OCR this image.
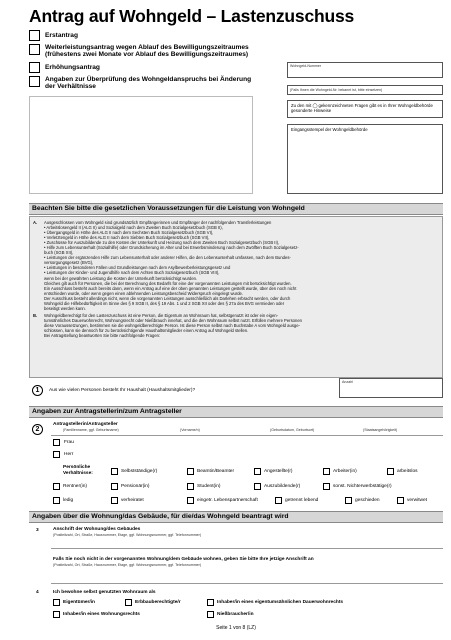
Antrag auf Wohngeld – Lastenzuschuss
Erstantrag
Weiterleistungsantrag wegen Ablauf des Bewilligungszeitraumes (frühestens zwei Monate vor Ablauf des Bewilligungszeitraumes)
Erhöhungsantrag
Angaben zur Überprüfung des Wohngeldanspruchs bei Änderung der Verhältnisse
Wohngeld-Nummer
(Falls Ihnen die Wohngeld-Nr. bekannt ist, bitte einsetzen)
Zu den mit ◯ gekennzeichneten Fragen gibt es in Ihrer Wohngeldbehörde gesonderte Hinweise
Eingangsstempel der Wohngeldbehörde
Beachten Sie bitte die gesetzlichen Voraussetzungen für die Leistung von Wohngeld
A. Ausgeschlossen vom Wohngeld sind grundsätzlich Empfängerinnen und Empfänger der nachfolgenden Transferleistungen
• Arbeitslosengeld II (ALG II) und Sozialgeld nach dem Zweiten Buch Sozialgesetzbuch (SGB II),
• Übergangsgeld in Höhe des ALG II nach dem Sechsten Buch Sozialgesetzbuch (SGB VI),
• Verletztengeld in Höhe des ALG II nach dem Siebten Buch Sozialgesetzbuch (SGB VII),
• Zuschüsse für Auszubildende zu den Kosten der Unterkunft und Heizung nach dem Zweiten Buch Sozialgesetzbuch (SGB II),
• Hilfe zum Lebensunterhalt (Sozialhilfe) oder Grundsicherung im Alter und bei Erwerbsminderung nach dem Zwölften Buch Sozialgesetz-
buch (SGB XII),
• Leistungen der ergänzenden Hilfe zum Lebensunterhalt oder anderer Hilfen, die den Lebensunterhalt umfassen, nach dem Bundes-
versorgungsgesetz (BVG),
• Leistungen in besonderen Fällen und Grundleistungen nach dem Asylbewerberleistungsgesetz und
• Leistungen der Kinder- und Jugendhilfe nach dem Achten Buch Sozialgesetzbuch (SGB VIII),
wenn bei der gewährten Leistung die Kosten der Unterkunft berücksichtigt wurden.
Gleiches gilt auch für Personen, die bei der Berechnung des Bedarfs für eine der vorgenannten Leistungen mit berücksichtigt wurden.
Ein Ausschluss besteht auch bereits dann, wenn ein Antrag auf eine der oben genannten Leistungen gestellt wurde, über den noch nicht
entschieden wurde, oder wenn gegen einen ablehnenden Leistungsbescheid Widerspruch eingelegt wurde.
Der Ausschluss besteht allerdings nicht, wenn die vorgenannten Leistungen ausschließlich als Darlehen erbracht werden, oder durch
Wohngeld die Hilfebedürftigkeit im Sinne des § 9 SGB II, des § 19 Abs. 1 und 2 SGB XII oder des § 27a des BVG vermieden oder
beseitigt werden kann.
B. Wohngeldberechtigt für den Lastenzuschuss ist eine Person, die Eigentum an Wohnraum hat, selbstgenutzt ist oder ein eigen-
tumsähnliches Dauerwohnrecht, Wohnungsrecht oder Nießbrauch innehat, und die den Wohnraum selbst nutzt. Erfüllen mehrere Personen
diese Voraussetzungen, bestimmen sie die wohngeldberechtigte Person. Ist diese Person selbst nach Buchstabe A vom Wohngeld ausge-
schlossen, kann sie dennoch für zu berücksichtigende Haushaltsmitglieder einen Antrag auf Wohngeld stellen.
Bei Antragstellung beantworten Sie bitte nachfolgende Fragen:
1	Aus wie vielen Personen besteht Ihr Haushalt (Haushaltsmitglieder)?
Anzahl
Angaben zur Antragstellerin/zum Antragsteller
2
Antragstellerin/Antragsteller
(Familienname, ggf. Geburtsname)	(Vorname/n)	(Geburtsdatum, Geburtsort)	(Staatsangehörigkeit)
Frau
Herr
Persönliche Verhältnisse:	Selbstständige(r)	Beamtin/Beamter	Angestellte(r)	Arbeiter(in)	arbeitslos
Rentner(in)	Pensionär(in)	Student(in)	Auszubildende(r)	sonst. Nichterwerbstätige(r)
ledig	verheiratet	eingetr. Lebenspartnerschaft	getrennt lebend	geschieden	verwitwet
Angaben über die Wohnung/das Gebäude, für die/das Wohngeld beantragt wird
3	Anschrift der Wohnung/des Gebäudes
(Postleitzahl, Ort, Straße, Hausnummer, Etage, ggf. Wohnungsnummer, ggf. Telefonnummer)
Falls Sie noch nicht in der vorgenannten Wohnung/dem Gebäude wohnen, geben Sie bitte Ihre jetzige Anschrift an
(Postleitzahl, Ort, Straße, Hausnummer, Etage, ggf. Wohnungsnummer, ggf. Telefonnummer)
4	Ich bewohne selbst genutzten Wohnraum als
Eigentümer/in	Erbbauberechtigte/r	Inhaber/in eines eigentumsähnlichen Dauerwohnrechts
Inhaber/in eines Wohnungsrechts	Nießbraucher/in
Seite 1 von 8 (LZ)
